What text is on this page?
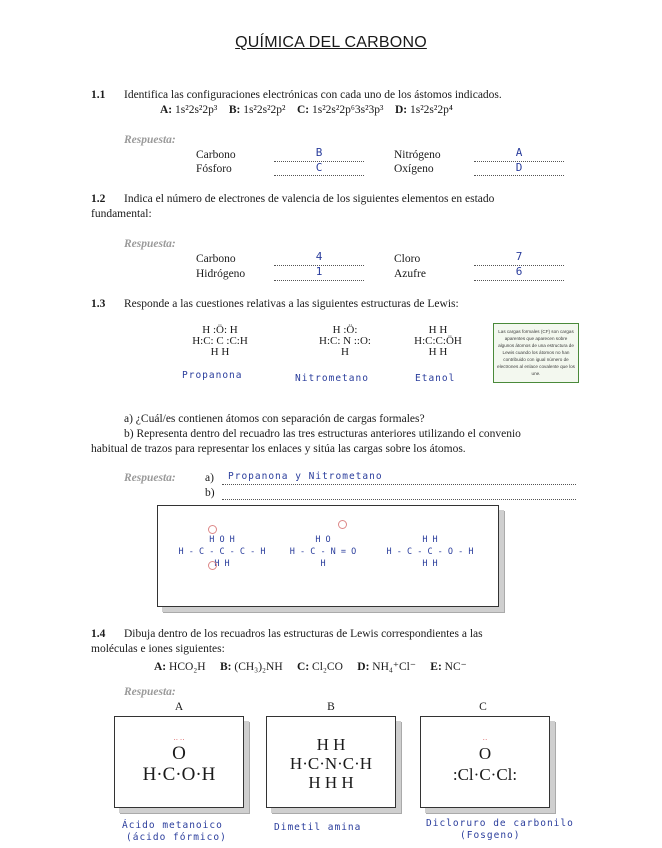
QUÍMICA DEL CARBONO
1.1 Identifica las configuraciones electrónicas con cada uno de los ástomos indicados.
A: 1s²2s²2p³ B: 1s²2s²2p² C: 1s²2s²2p⁶3s²3p³ D: 1s²2s²2p⁴
Respuesta:
Carbono	B
Fósforo	C
Nitrógeno	A
Oxígeno	D
1.2 Indica el número de electrones de valencia de los siguientes elementos en estado
fundamental:
Respuesta:
Carbono	4
Hidrógeno	1
Cloro	7
Azufre	6
1.3 Responde a las cuestiones relativas a las siguientes estructuras de Lewis:
H :Ö: H
H:C: C :C:H
H H
Propanona
H :Ö:
H:C: N ::O:
H
Nitrometano
H H
H:C:C:ÖH
H H
Etanol
Las cargas formales (CF) son cargas aparentes que aparecen sobre algunos átomos de una estructura de Lewis cuando los átomos no han contribuido con igual número de electrones al enlace covalente que los une.
a) ¿Cuál/es contienen átomos con separación de cargas formales?
b) Representa dentro del recuadro las tres estructuras anteriores utilizando el convenio
habitual de trazos para representar los enlaces y sitúa las cargas sobre los átomos.
Respuesta:	a) Propanona y Nitrometano
b)
H O H
H - C - C - C - H
H H
H O
H - C - N = O
H
H H
H - C - C - O - H
H H
1.4 Dibuja dentro de los recuadros las estructuras de Lewis correspondientes a las
moléculas e iones siguientes:
A: HCO₂H B: (CH₃)₂NH C: Cl₂CO D: NH₄⁺Cl⁻ E: NC⁻
Respuesta:
A
·· ··
O
H·C·O·H
Ácido metanoico
(ácido fórmico)
B
H H
H·C·N·C·H
H H H
Dimetil amina
C
··
O
:Cl·C·Cl:
Dicloruro de carbonilo
(Fosgeno)
